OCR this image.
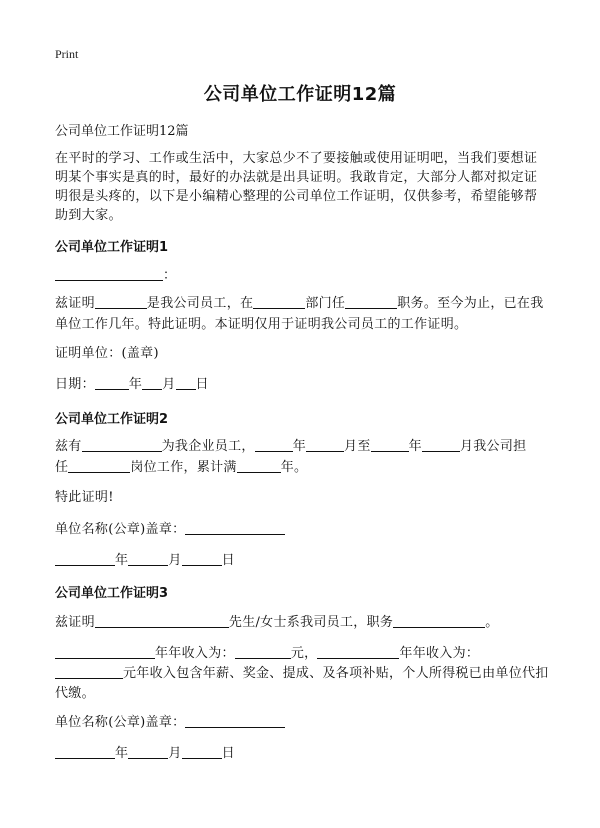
Print
公司单位工作证明12篇
公司单位工作证明12篇
在平时的学习、工作或生活中，大家总少不了要接触或使用证明吧，当我们要想证明某个事实是真的时，最好的办法就是出具证明。我敢肯定，大部分人都对拟定证明很是头疼的，以下是小编精心整理的公司单位工作证明，仅供参考，希望能够帮助到大家。
公司单位工作证明1
：
兹证明	是我公司员工，在	部门任	职务。至今为止，已在我单位工作几年。特此证明。本证明仅用于证明我公司员工的工作证明。
证明单位：(盖章)
日期：	年 月 日
公司单位工作证明2
兹有	为我企业员工，	年	月至	年	月我公司担
任	岗位工作，累计满	年。
特此证明!
单位名称(公章)盖章：
年	月	日
公司单位工作证明3
兹证明	先生/女士系我司员工，职务	。
年年收入为：	元，	年年收入为：
元年收入包含年薪、奖金、提成、及各项补贴，个人所得税已由单位代扣代缴。
单位名称(公章)盖章：
年	月	日
